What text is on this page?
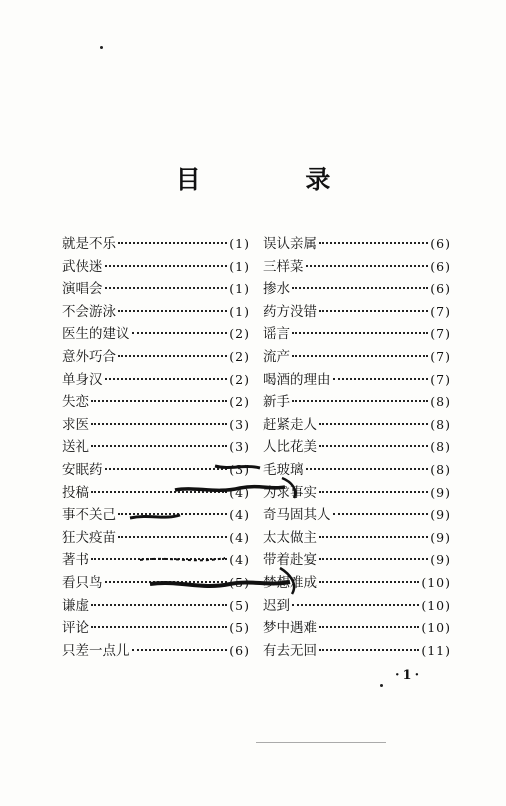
目 录
就是不乐	(1)
武侠迷	(1)
演唱会	(1)
不会游泳	(1)
医生的建议	(2)
意外巧合	(2)
单身汉	(2)
失恋	(2)
求医	(3)
送礼	(3)
安眠药	(3)
投稿	(4)
事不关己	(4)
狂犬疫苗	(4)
著书	(4)
看只鸟	(5)
谦虚	(5)
评论	(5)
只差一点儿	(6)
误认亲属	(6)
三样菜	(6)
掺水	(6)
药方没错	(7)
谣言	(7)
流产	(7)
喝酒的理由	(7)
新手	(8)
赶紧走人	(8)
人比花美	(8)
毛玻璃	(8)
为求事实	(9)
奇马固其人	(9)
太太做主	(9)
带着赴宴	(9)
梦想难成	(10)
迟到	(10)
梦中遇难	(10)
有去无回	(11)
·1·
